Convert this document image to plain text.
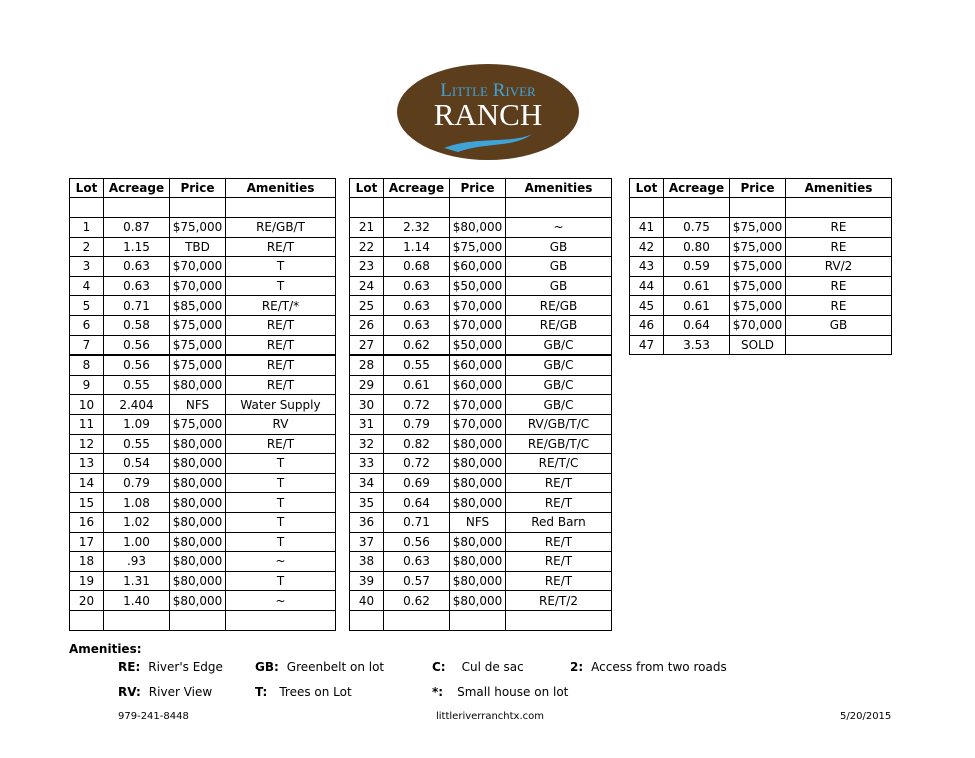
Little River
RANCH
Lot	Acreage	Price	Amenities

1	0.87	$75,000	RE/GB/T
2	1.15	TBD	RE/T
3	0.63	$70,000	T
4	0.63	$70,000	T
5	0.71	$85,000	RE/T/*
6	0.58	$75,000	RE/T
7	0.56	$75,000	RE/T
8	0.56	$75,000	RE/T
9	0.55	$80,000	RE/T
10	2.404	NFS	Water Supply
11	1.09	$75,000	RV
12	0.55	$80,000	RE/T
13	0.54	$80,000	T
14	0.79	$80,000	T
15	1.08	$80,000	T
16	1.02	$80,000	T
17	1.00	$80,000	T
18	.93	$80,000	~
19	1.31	$80,000	T
20	1.40	$80,000	~

Lot	Acreage	Price	Amenities

21	2.32	$80,000	~
22	1.14	$75,000	GB
23	0.68	$60,000	GB
24	0.63	$50,000	GB
25	0.63	$70,000	RE/GB
26	0.63	$70,000	RE/GB
27	0.62	$50,000	GB/C
28	0.55	$60,000	GB/C
29	0.61	$60,000	GB/C
30	0.72	$70,000	GB/C
31	0.79	$70,000	RV/GB/T/C
32	0.82	$80,000	RE/GB/T/C
33	0.72	$80,000	RE/T/C
34	0.69	$80,000	RE/T
35	0.64	$80,000	RE/T
36	0.71	NFS	Red Barn
37	0.56	$80,000	RE/T
38	0.63	$80,000	RE/T
39	0.57	$80,000	RE/T
40	0.62	$80,000	RE/T/2

Lot	Acreage	Price	Amenities

41	0.75	$75,000	RE
42	0.80	$75,000	RE
43	0.59	$75,000	RV/2
44	0.61	$75,000	RE
45	0.61	$75,000	RE
46	0.64	$70,000	GB
47	3.53	SOLD	
Amenities:
RE: River's Edge	GB: Greenbelt on lot	C: Cul de sac	2: Access from two roads
RV: River View	T: Trees on Lot	*: Small house on lot
979-241-8448	littleriverranchtx.com	5/20/2015
